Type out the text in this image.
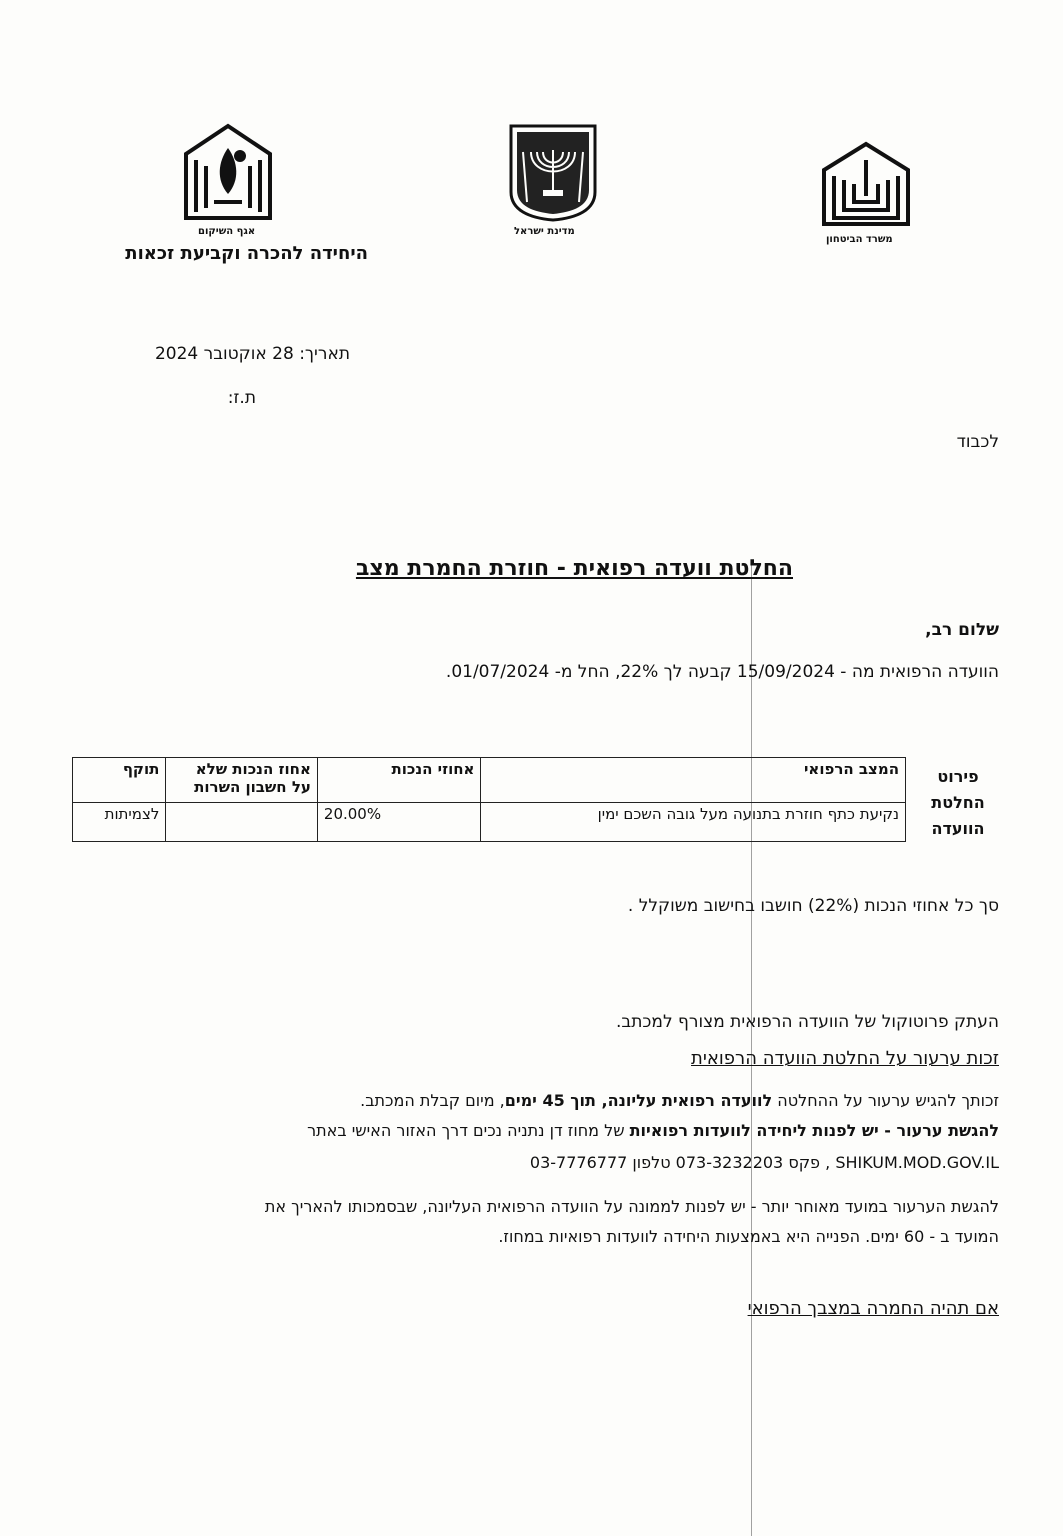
אגף השיקום	מדינת ישראל
משרד הביטחון
היחידה להכרה וקביעת זכאות
תאריך: 28 אוקטובר 2024
ת.ז:
לכבוד
החלטת וועדה רפואית - חוזרת החמרת מצב
שלום רב,
הוועדה הרפואית מה - 15/09/2024 קבעה לך 22%, החל מ- 01/07/2024.
פירוט החלטת הוועדה
המצב הרפואי	אחוזי הנכות	אחוז הנכות שלא על חשבון השרות	תוקף
נקיעת כתף חוזרת בתנועה מעל גובה השכם ימין	20.00%		לצמיתות
סך כל אחוזי הנכות (22%) חושבו בחישוב משוקלל .
העתק פרוטוקול של הוועדה הרפואית מצורף למכתב.
זכות ערעור על החלטת הוועדה הרפואית
זכותך להגיש ערעור על ההחלטה לוועדה רפואית עליונה, תוך 45 ימים, מיום קבלת המכתב.
להגשת ערעור - יש לפנות ליחידה לוועדות רפואיות של מחוז דן נתניה נכים דרך האזור האישי באתר
SHIKUM.MOD.GOV.IL , פקס 073-3232203 טלפון 03-7776777
להגשת הערעור במועד מאוחר יותר - יש לפנות לממונה על הוועדה הרפואית העליונה, שבסמכותו להאריך את
המועד ב - 60 ימים. הפנייה היא באמצעות היחידה לוועדות רפואיות במחוז.
אם תהיה החמרה במצבך הרפואי
